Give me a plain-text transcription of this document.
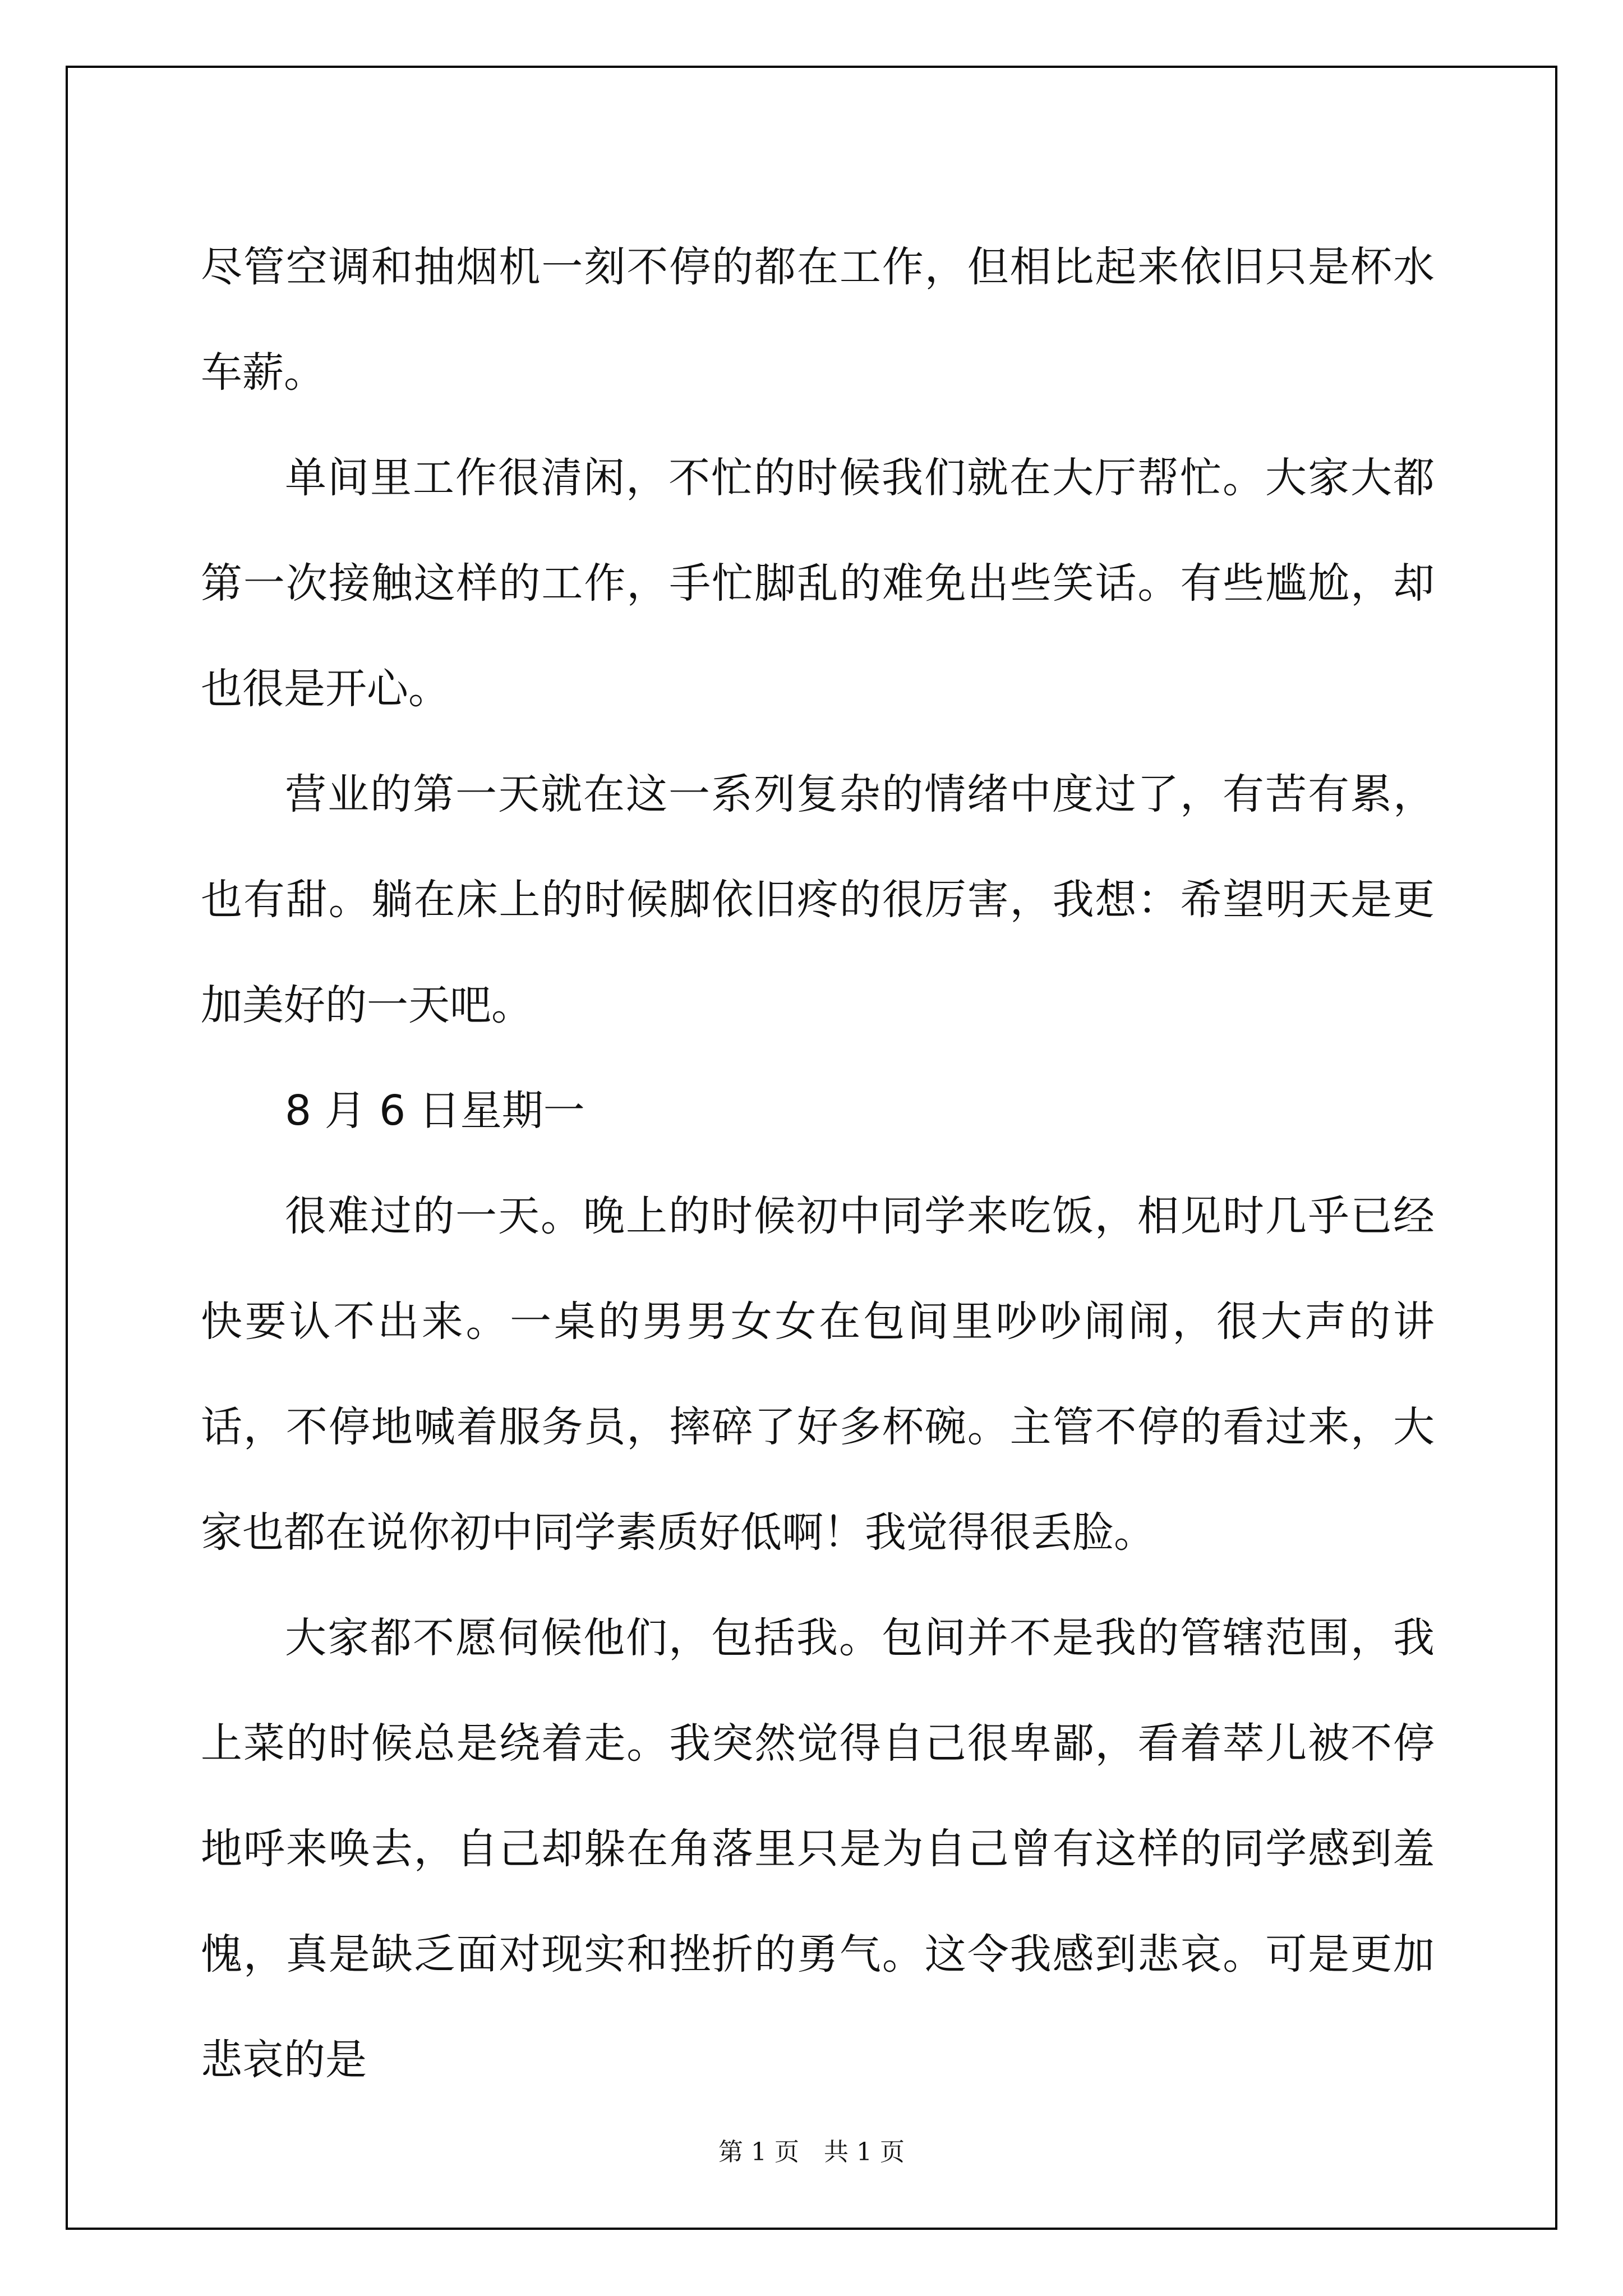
尽管空调和抽烟机一刻不停的都在工作，但相比起来依旧只是杯水车薪。

单间里工作很清闲，不忙的时候我们就在大厅帮忙。大家大都第一次接触这样的工作，手忙脚乱的难免出些笑话。有些尴尬，却也很是开心。

营业的第一天就在这一系列复杂的情绪中度过了，有苦有累，也有甜。躺在床上的时候脚依旧疼的很厉害，我想：希望明天是更加美好的一天吧。

8 月 6 日星期一

很难过的一天。晚上的时候初中同学来吃饭，相见时几乎已经快要认不出来。一桌的男男女女在包间里吵吵闹闹，很大声的讲话，不停地喊着服务员，摔碎了好多杯碗。主管不停的看过来，大家也都在说你初中同学素质好低啊！我觉得很丢脸。

大家都不愿伺候他们，包括我。包间并不是我的管辖范围，我上菜的时候总是绕着走。我突然觉得自己很卑鄙，看着萃儿被不停地呼来唤去，自己却躲在角落里只是为自己曾有这样的同学感到羞愧，真是缺乏面对现实和挫折的勇气。这令我感到悲哀。可是更加悲哀的是

第 1 页　共 1 页
